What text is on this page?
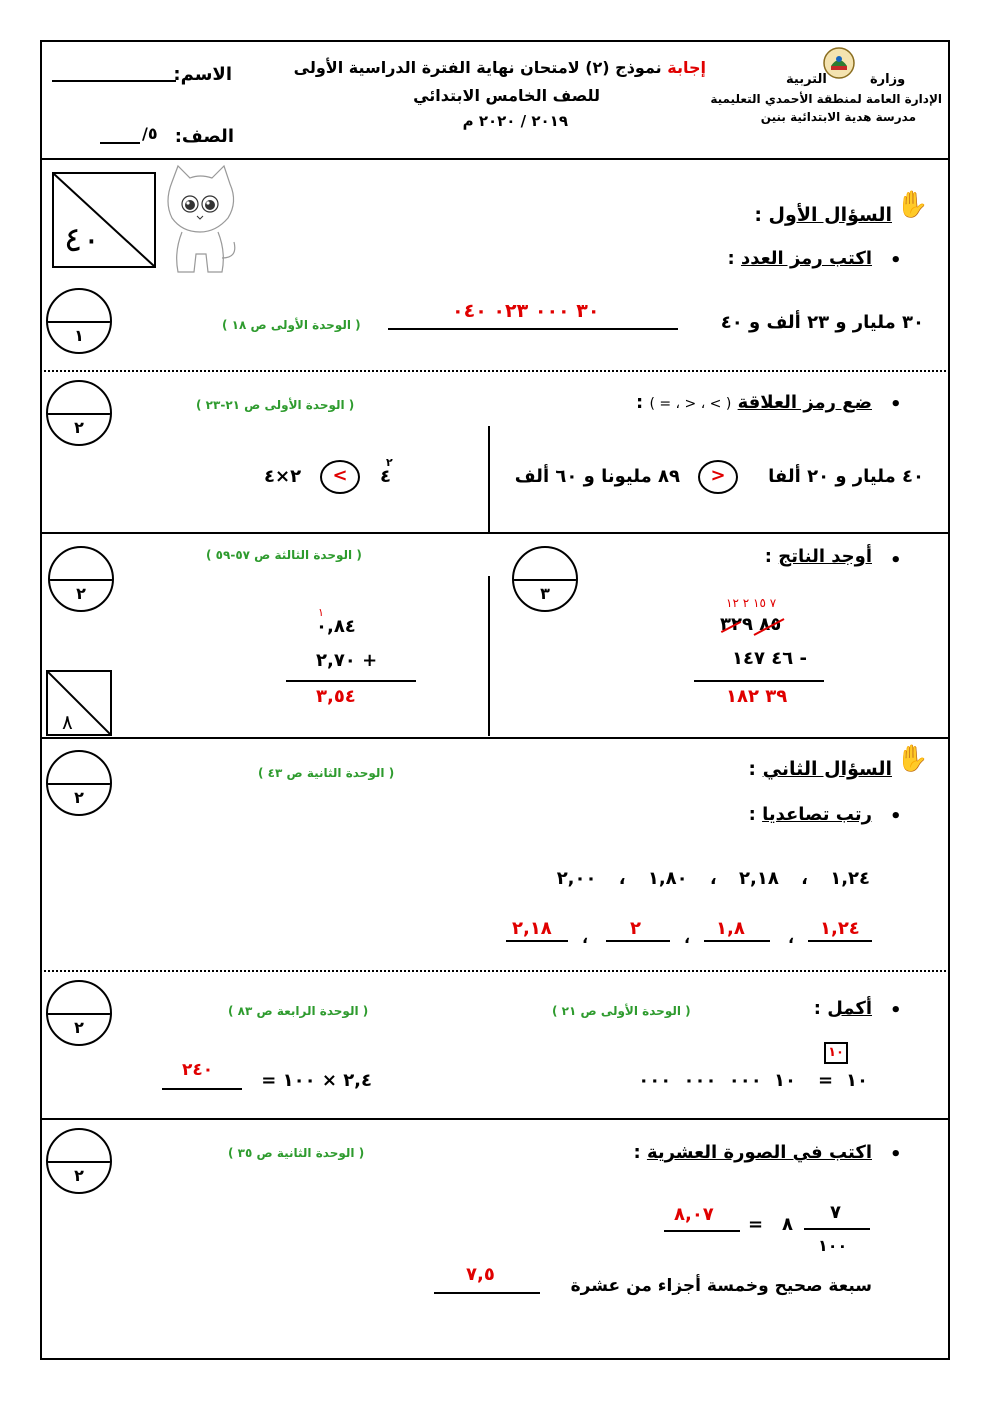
وزارة
التربية
الإدارة العامة لمنطقة الأحمدي التعليمية
مدرسة هدية الابتدائية بنين
إجابة نموذج (٢) لامتحان نهاية الفترة الدراسية الأولى
للصف الخامس الابتدائي
٢٠١٩ / ٢٠٢٠ م
الاسم:
الصف:
٥/
٤٠
✋
السؤال الأول :
•
اكتب رمز العدد :
١
( الوحدة الأولى ص ١٨ )	٣٠ مليار و ٢٣ ألف و ٤٠
٣٠ ٠٠٠ ٠٢٣ ٠٤٠
٢
( الوحدة الأولى ص ٢١-٢٣ )	•
ضع رمز العلاقة ( > ، < ، = ) :
٤٠ مليار و ٢٠ ألفا
>
٨٩ مليونا و ٦٠ ألف
٤
٢
<
٢×٤
٢
( الوحدة الثالثة ص ٥٧-٥٩ )
٣
•
أوجد الناتج :
٧ ١٥ ٢ ١٢
٨٥ ٣٢٩
٤٦ ١٤٧ -
٣٩ ١٨٢
١
٠,٨٤
٢,٧٠ +
٣,٥٤
٨
٢
( الوحدة الثانية ص ٤٣ )	✋
السؤال الثاني :
•
رتب تصاعديا :
١,٢٤ ، ٢,١٨ ، ١,٨٠ ، ٢,٠٠
١,٢٤
،
١,٨
،
٢
،
٢,١٨
٢
( الوحدة الرابعة ص ٨٣ )	( الوحدة الأولى ص ٢١ )	•
أكمل :
١٠
١٠
=
١٠ ٠٠٠ ٠٠٠ ٠٠٠
٢,٤ × ١٠٠ =
٢٤٠
٢
( الوحدة الثانية ص ٣٥ )	•
اكتب في الصورة العشرية :
٧
١٠٠
٨
=
٨,٠٧
سبعة صحيح وخمسة أجزاء من عشرة
٧,٥
